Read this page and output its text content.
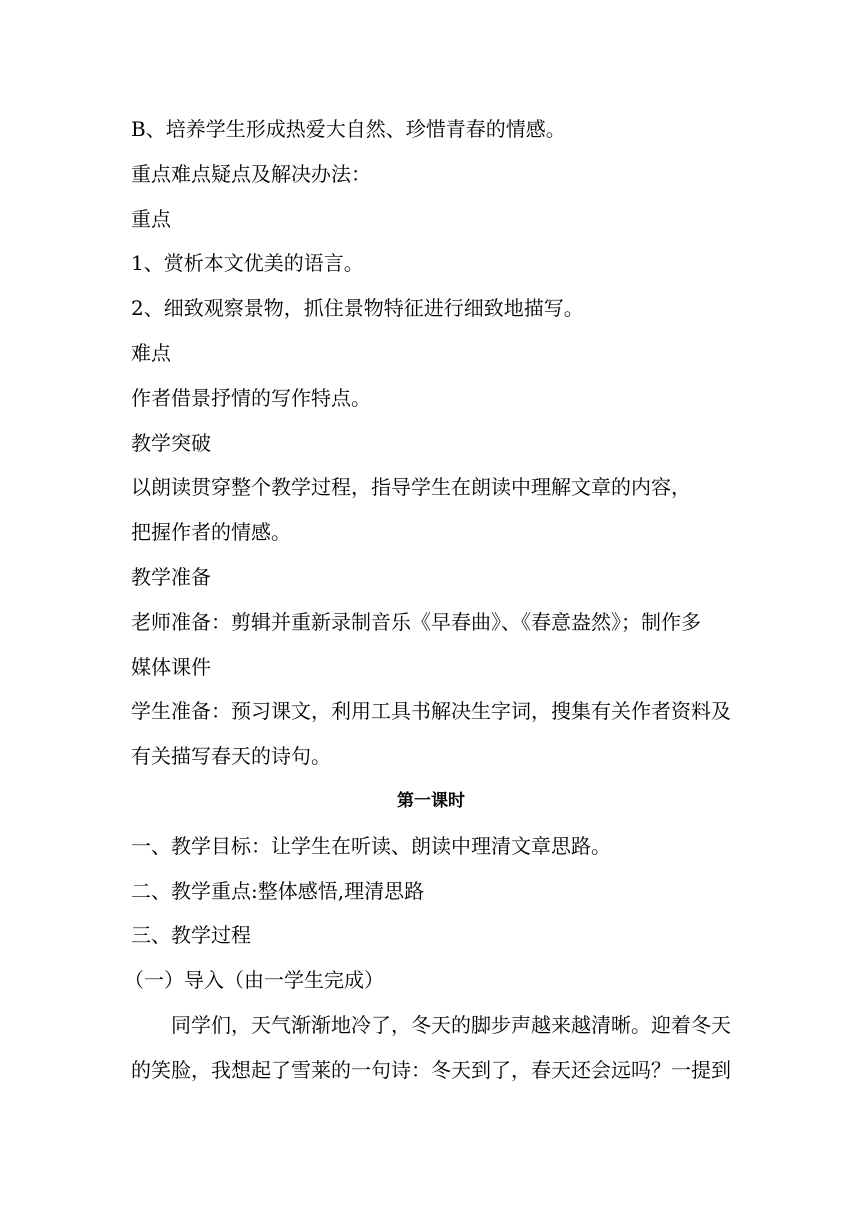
B、培养学生形成热爱大自然、珍惜青春的情感。

重点难点疑点及解决办法：

重点

1、赏析本文优美的语言。

2、细致观察景物，抓住景物特征进行细致地描写。

难点

作者借景抒情的写作特点。

教学突破

以朗读贯穿整个教学过程，指导学生在朗读中理解文章的内容，

把握作者的情感。

教学准备

老师准备：剪辑并重新录制音乐《早春曲》、《春意盎然》；制作多

媒体课件

学生准备：预习课文，利用工具书解决生字词，搜集有关作者资料及

有关描写春天的诗句。

第一课时

一、教学目标：让学生在听读、朗读中理清文章思路。

二、教学重点:整体感悟,理清思路

三、教学过程

（一）导入（由一学生完成）

同学们，天气渐渐地冷了，冬天的脚步声越来越清晰。迎着冬天

的笑脸，我想起了雪莱的一句诗：冬天到了，春天还会远吗？一提到
